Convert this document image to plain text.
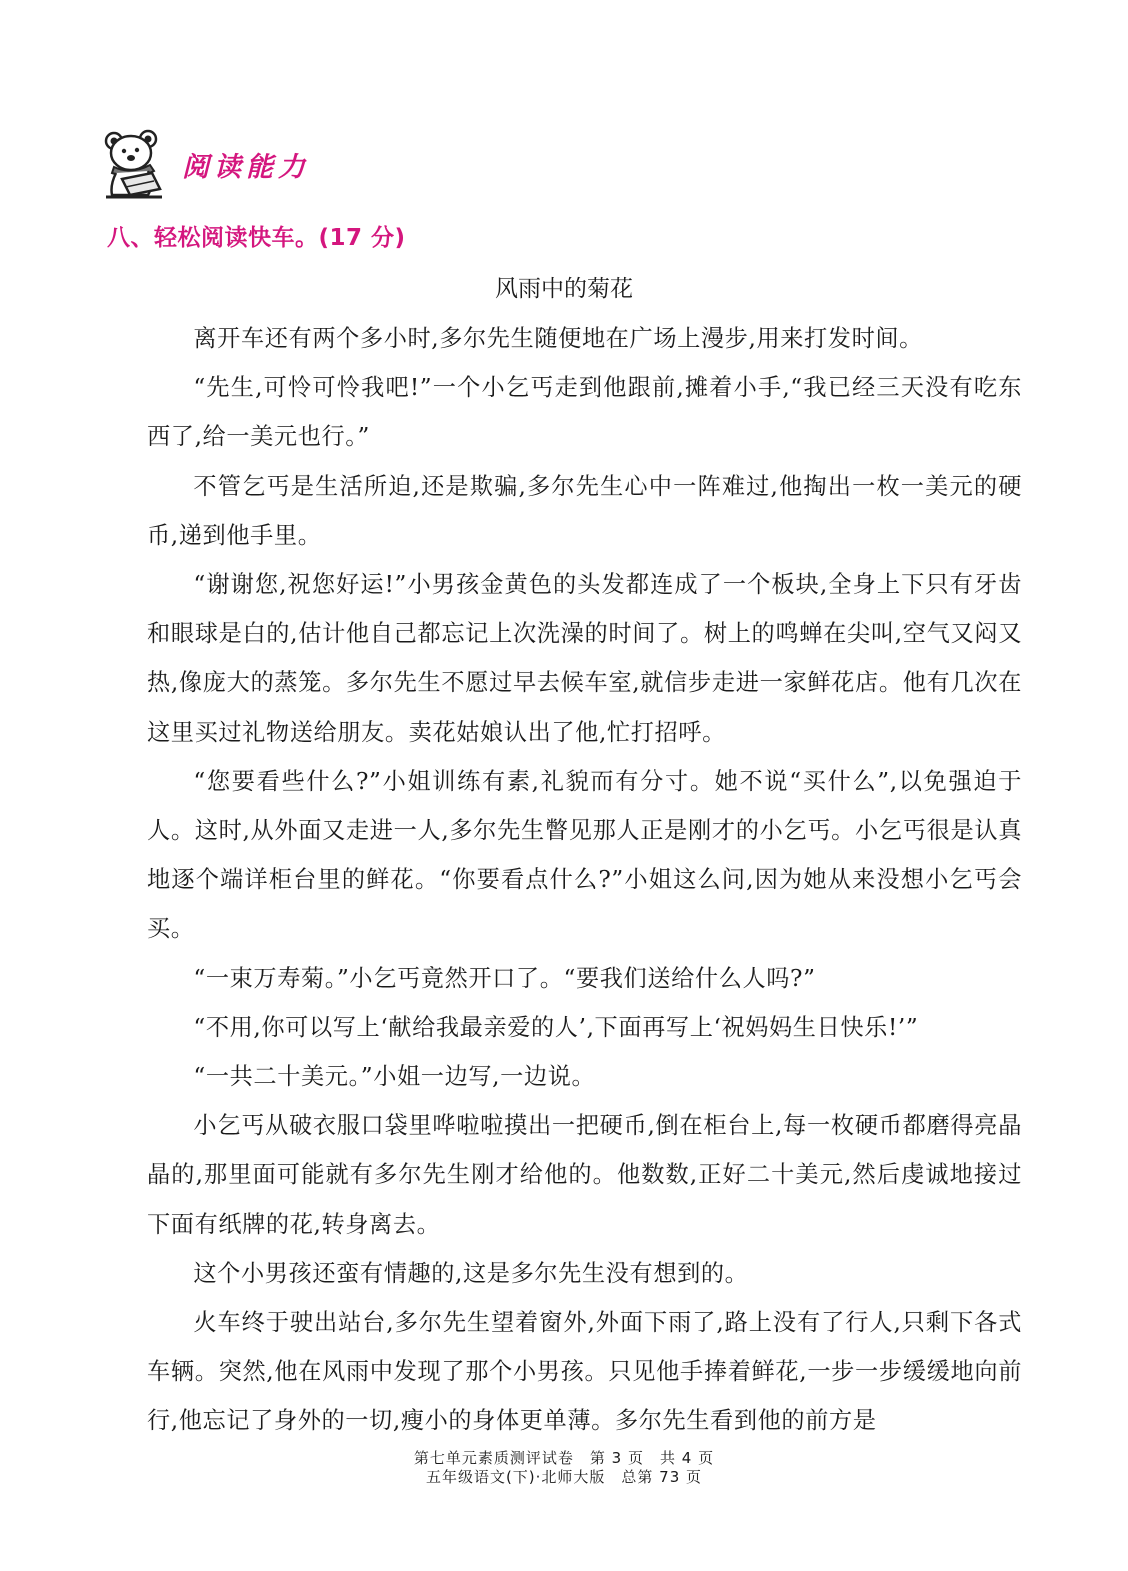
阅读能力
八、轻松阅读快车。(17 分)
风雨中的菊花

离开车还有两个多小时,多尔先生随便地在广场上漫步,用来打发时间。

“先生,可怜可怜我吧!”一个小乞丐走到他跟前,摊着小手,“我已经三天没有吃东西了,给一美元也行。”

不管乞丐是生活所迫,还是欺骗,多尔先生心中一阵难过,他掏出一枚一美元的硬币,递到他手里。

“谢谢您,祝您好运!”小男孩金黄色的头发都连成了一个板块,全身上下只有牙齿和眼球是白的,估计他自己都忘记上次洗澡的时间了。树上的鸣蝉在尖叫,空气又闷又热,像庞大的蒸笼。多尔先生不愿过早去候车室,就信步走进一家鲜花店。他有几次在这里买过礼物送给朋友。卖花姑娘认出了他,忙打招呼。

“您要看些什么?”小姐训练有素,礼貌而有分寸。她不说“买什么”,以免强迫于人。这时,从外面又走进一人,多尔先生瞥见那人正是刚才的小乞丐。小乞丐很是认真地逐个端详柜台里的鲜花。“你要看点什么?”小姐这么问,因为她从来没想小乞丐会买。

“一束万寿菊。”小乞丐竟然开口了。“要我们送给什么人吗?”

“不用,你可以写上‘献给我最亲爱的人’,下面再写上‘祝妈妈生日快乐!’”

“一共二十美元。”小姐一边写,一边说。

小乞丐从破衣服口袋里哗啦啦摸出一把硬币,倒在柜台上,每一枚硬币都磨得亮晶晶的,那里面可能就有多尔先生刚才给他的。他数数,正好二十美元,然后虔诚地接过下面有纸牌的花,转身离去。

这个小男孩还蛮有情趣的,这是多尔先生没有想到的。

火车终于驶出站台,多尔先生望着窗外,外面下雨了,路上没有了行人,只剩下各式车辆。突然,他在风雨中发现了那个小男孩。只见他手捧着鲜花,一步一步缓缓地向前行,他忘记了身外的一切,瘦小的身体更单薄。多尔先生看到他的前方是

第七单元素质测评试卷　第 3 页　共 4 页
五年级语文(下)·北师大版　总第 73 页
